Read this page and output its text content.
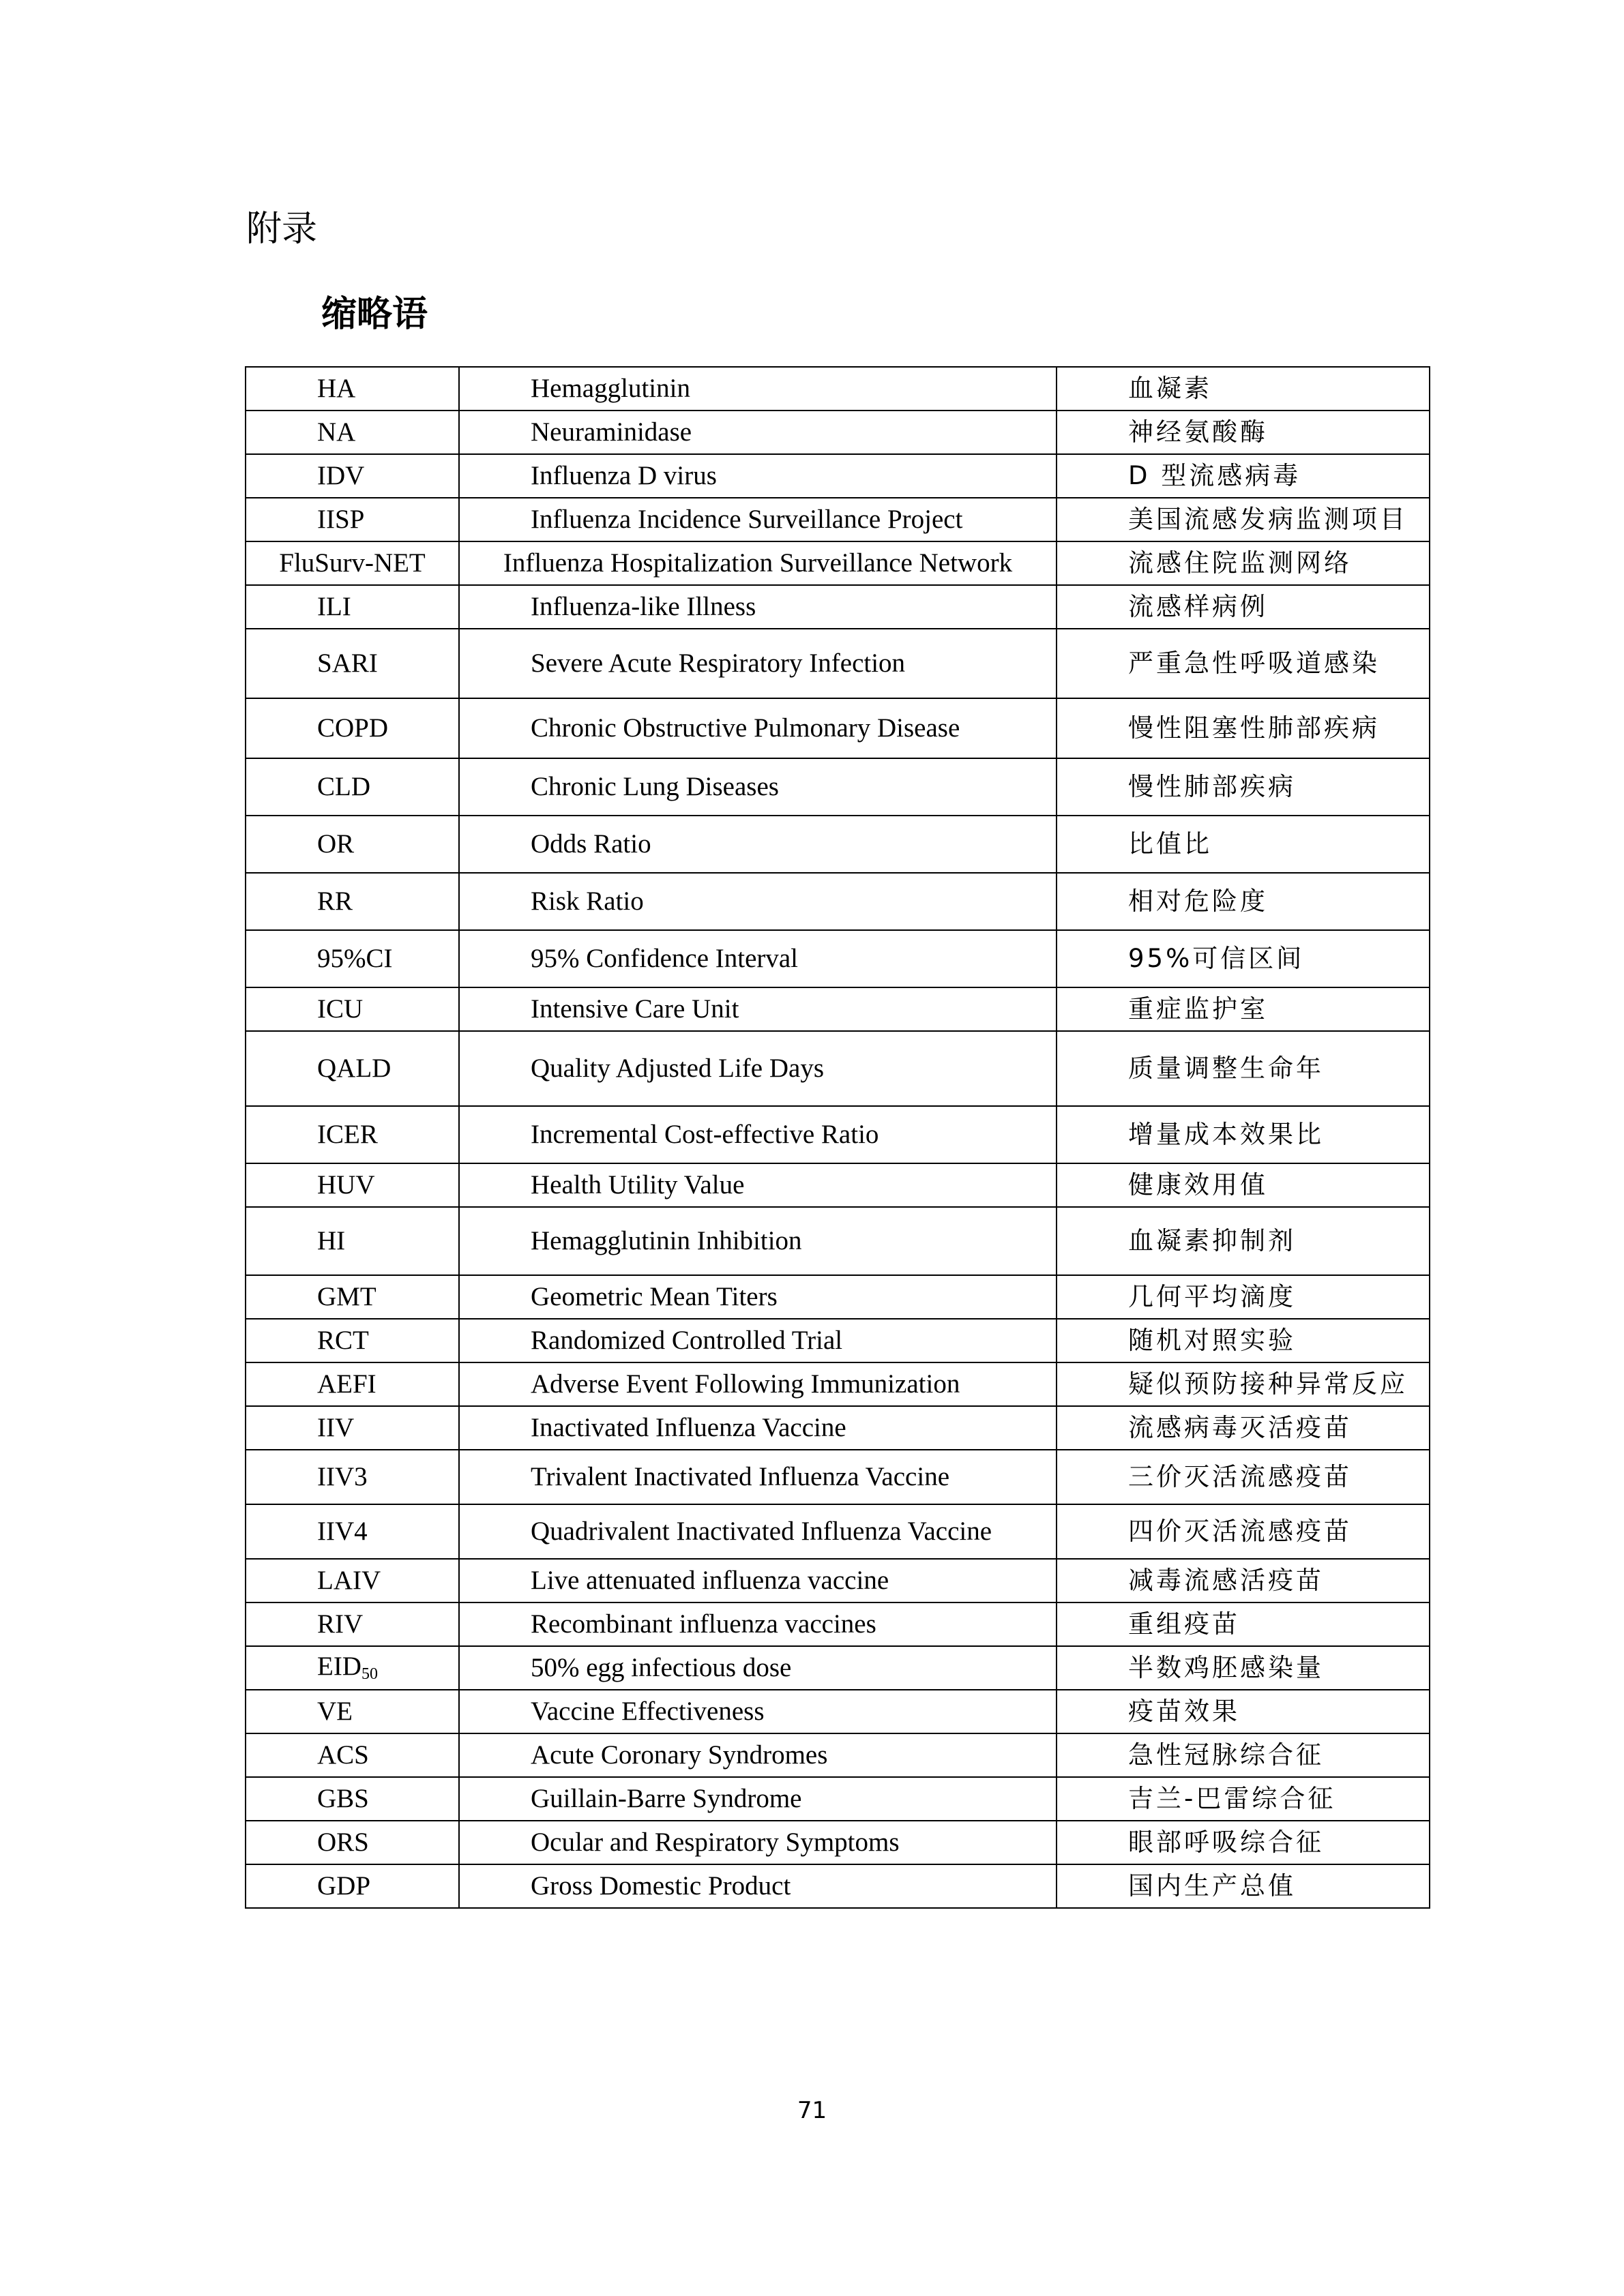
附录
缩略语
HA	Hemagglutinin	血凝素
NA	Neuraminidase	神经氨酸酶
IDV	Influenza D virus	D 型流感病毒
IISP	Influenza Incidence Surveillance Project	美国流感发病监测项目
FluSurv-NET	Influenza Hospitalization Surveillance Network	流感住院监测网络
ILI	Influenza-like Illness	流感样病例
SARI	Severe Acute Respiratory Infection	严重急性呼吸道感染
COPD	Chronic Obstructive Pulmonary Disease	慢性阻塞性肺部疾病
CLD	Chronic Lung Diseases	慢性肺部疾病
OR	Odds Ratio	比值比
RR	Risk Ratio	相对危险度
95%CI	95% Confidence Interval	95%可信区间
ICU	Intensive Care Unit	重症监护室
QALD	Quality Adjusted Life Days	质量调整生命年
ICER	Incremental Cost-effective Ratio	增量成本效果比
HUV	Health Utility Value	健康效用值
HI	Hemagglutinin Inhibition	血凝素抑制剂
GMT	Geometric Mean Titers	几何平均滴度
RCT	Randomized Controlled Trial	随机对照实验
AEFI	Adverse Event Following Immunization	疑似预防接种异常反应
IIV	Inactivated Influenza Vaccine	流感病毒灭活疫苗
IIV3	Trivalent Inactivated Influenza Vaccine	三价灭活流感疫苗
IIV4	Quadrivalent Inactivated Influenza Vaccine	四价灭活流感疫苗
LAIV	Live attenuated influenza vaccine	减毒流感活疫苗
RIV	Recombinant influenza vaccines	重组疫苗
$EID_{50}$	50% egg infectious dose	半数鸡胚感染量
VE	Vaccine Effectiveness	疫苗效果
ACS	Acute Coronary Syndromes	急性冠脉综合征
GBS	Guillain-Barre Syndrome	吉兰-巴雷综合征
ORS	Ocular and Respiratory Symptoms	眼部呼吸综合征
GDP	Gross Domestic Product	国内生产总值
71
